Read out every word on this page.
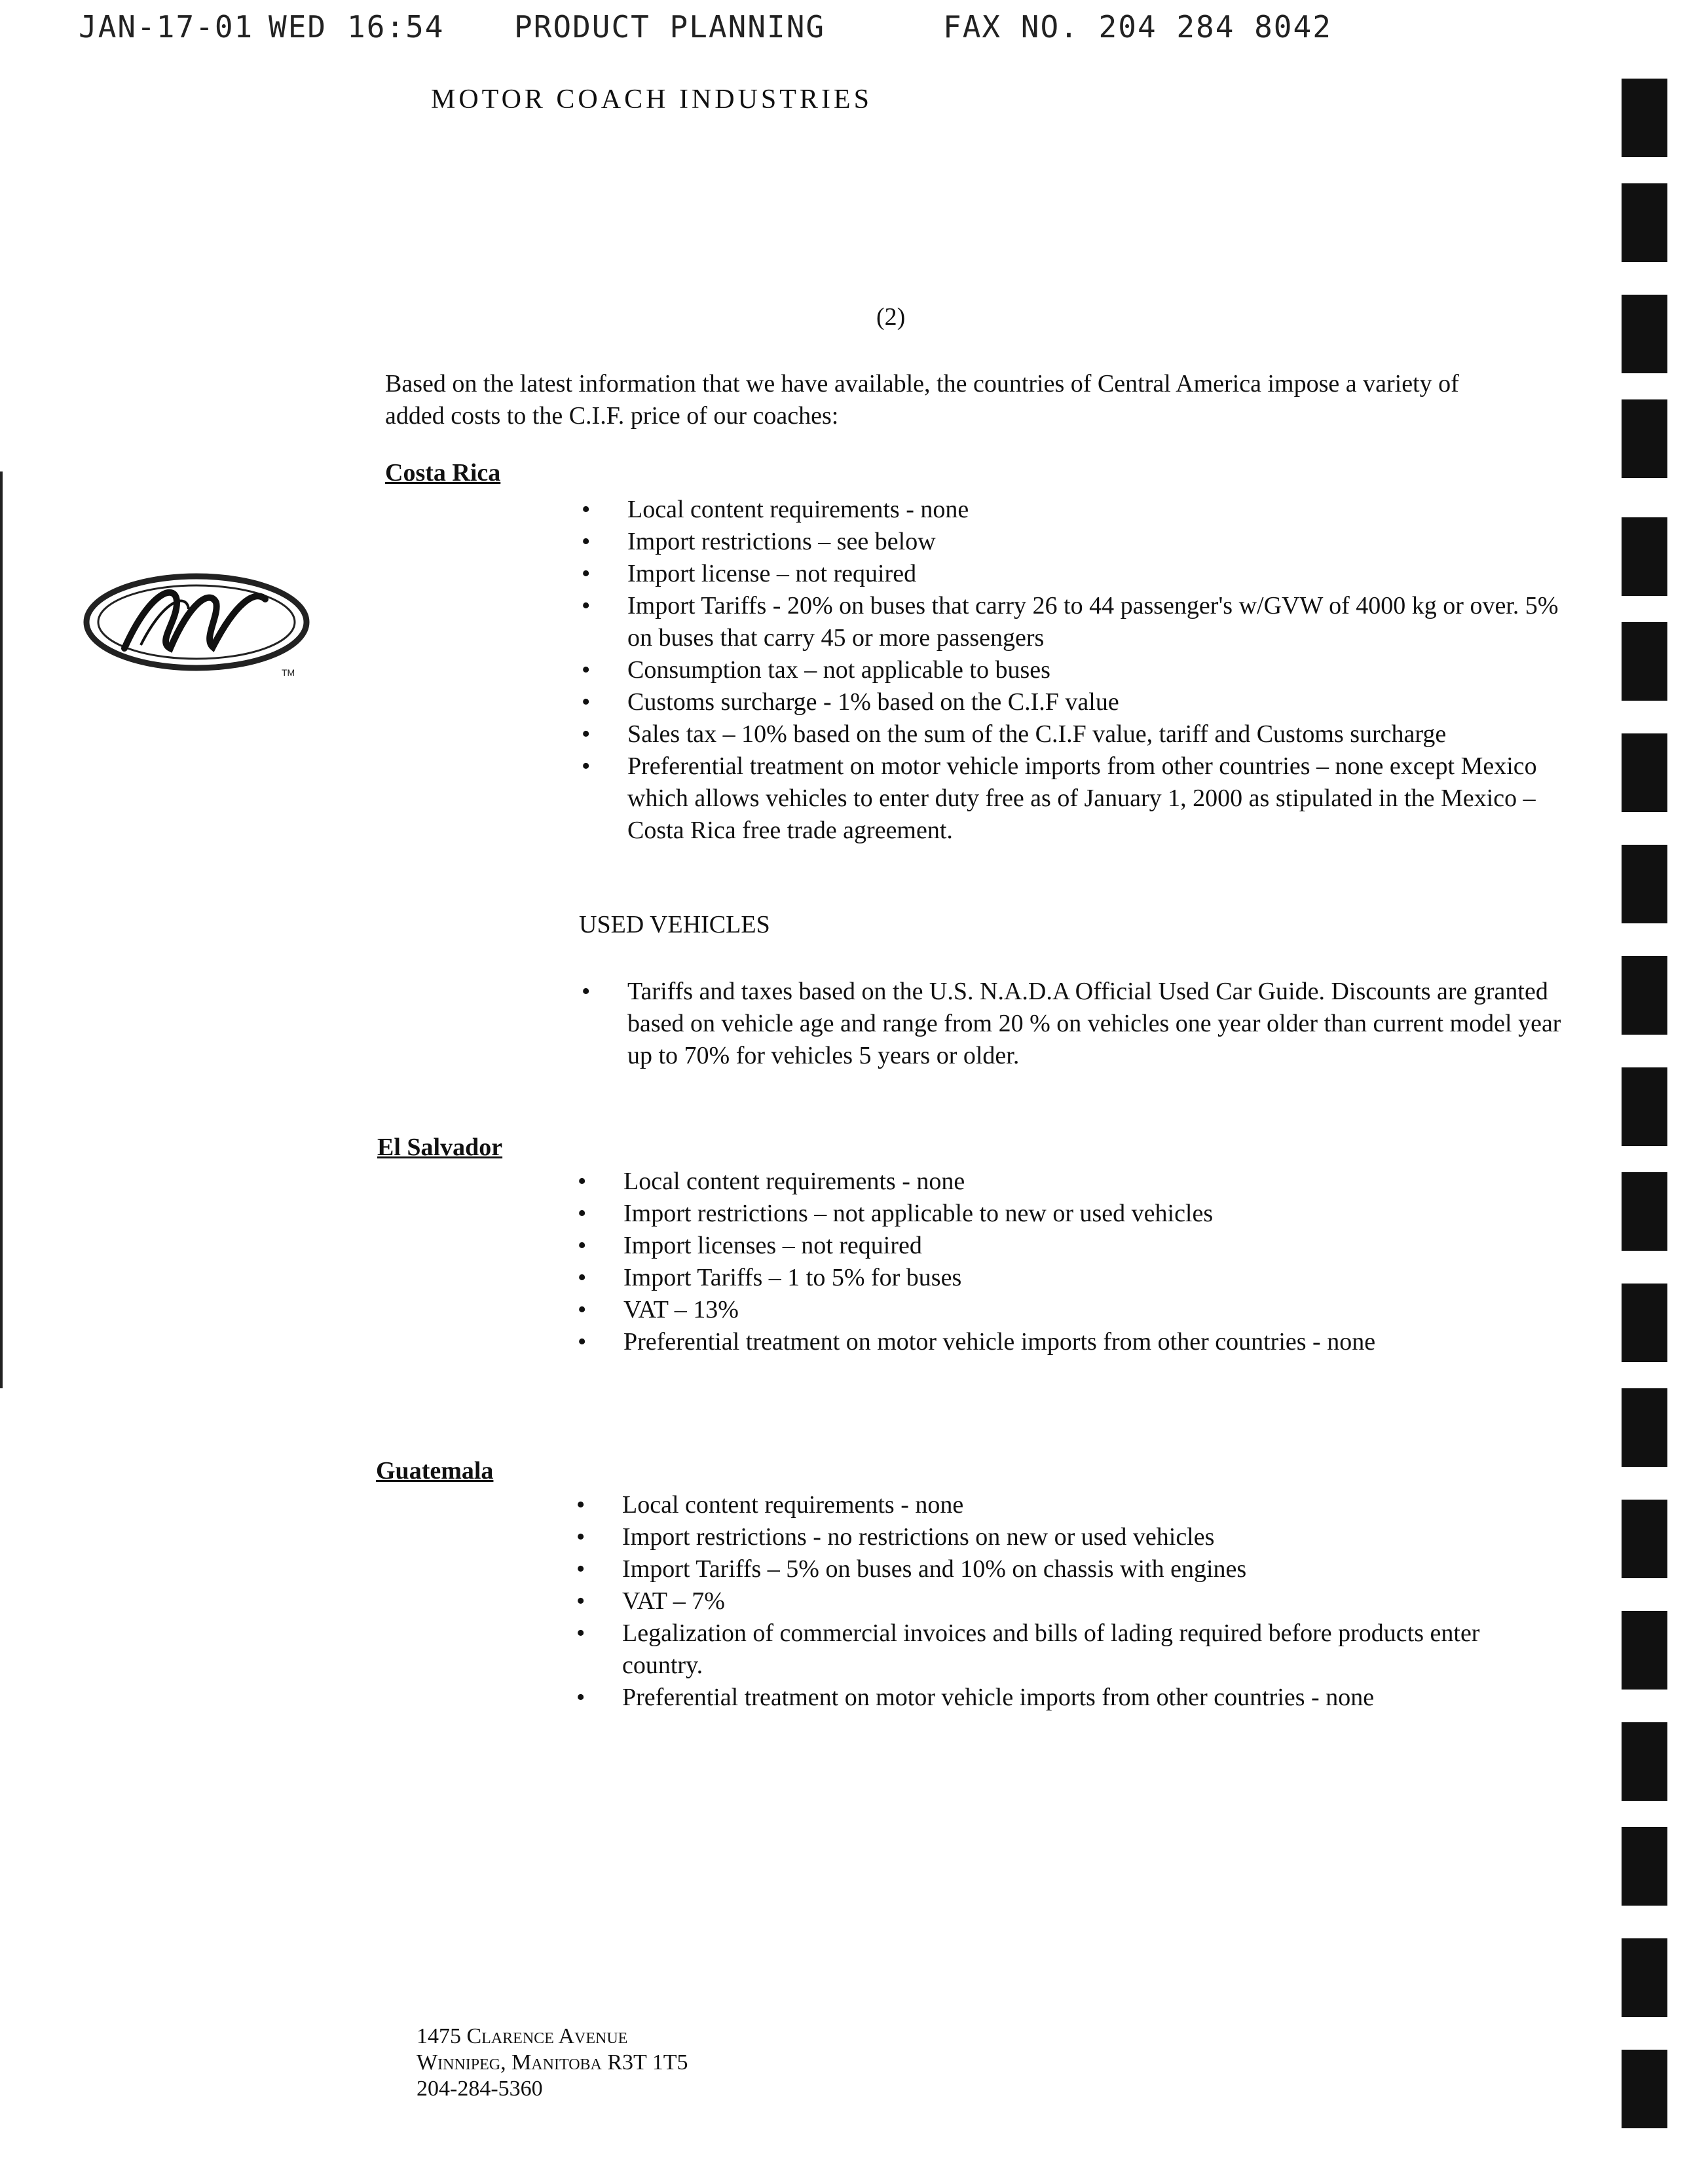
JAN-17-01

WED

16:54

PRODUCT PLANNING

	FAX NO. 204 284 8042

MOTOR COACH INDUSTRIES
TM
(2)
Based on the latest information that we have available, the countries of Central America impose a variety of added costs to the C.I.F. price of our coaches:
Costa Rica
• Local content requirements - none
• Import restrictions – see below
• Import license – not required
• Import Tariffs - 20% on buses that carry 26 to 44 passenger's w/GVW of 4000 kg or over. 5% on buses that carry 45 or more passengers
• Consumption tax – not applicable to buses
• Customs surcharge - 1% based on the C.I.F value
• Sales tax – 10% based on the sum of the C.I.F value, tariff and Customs surcharge
• Preferential treatment on motor vehicle imports from other countries – none except Mexico which allows vehicles to enter duty free as of January 1, 2000 as stipulated in the Mexico – Costa Rica free trade agreement.
USED VEHICLES
• Tariffs and taxes based on the U.S. N.A.D.A Official Used Car Guide. Discounts are granted based on vehicle age and range from 20 % on vehicles one year older than current model year up to 70% for vehicles 5 years or older.
El Salvador
• Local content requirements - none
• Import restrictions – not applicable to new or used vehicles
• Import licenses – not required
• Import Tariffs – 1 to 5% for buses
• VAT – 13%
• Preferential treatment on motor vehicle imports from other countries - none
Guatemala
• Local content requirements - none
• Import restrictions - no restrictions on new or used vehicles
• Import Tariffs – 5% on buses and 10% on chassis with engines
• VAT – 7%
• Legalization of commercial invoices and bills of lading required before products enter country.
• Preferential treatment on motor vehicle imports from other countries - none
1475 Clarence Avenue
Winnipeg, Manitoba R3T 1T5
204-284-5360
